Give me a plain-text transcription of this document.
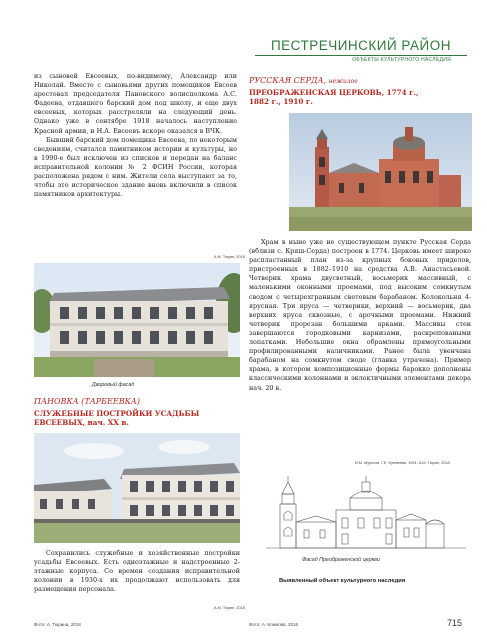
ПЕСТРЕЧИНСКИЙ РАЙОН
ОБЪЕКТЫ КУЛЬТУРНОГО НАСЛЕДИЯ

из сыновей Евсеевых, по-видимому, Александр или Николай. Вместе с сыновьями других помещиков Евсеев арестовал председателя Пановского волисполкома А.С. Фадеева, отдавшего барский дом под школу, и еще двух евсеевых, которых расстреляли на следующий день. Однако уже в сентябре 1918 началось наступление Красной армии, и Н.А. Евсеевъ вскоре оказался в ВЧК.

Бывший барский дом помещика Евсеевa, по некоторым сведениям, считался памятником истории и культуры, но в 1990-е был исключен из списков и передан на баланс исправительной колонии № 2 ФСИН России, которая расположена рядом с ним. Жители села выступают за то, чтобы это историческое здание вновь включили в список памятников архитектуры.

А.М. Тюрин, 2018
Дворовый фасад
ПАНОВКА (ТАРБЕЕВКА)
СЛУЖЕБНЫЕ ПОСТРОЙКИ УСАДЬБЫ
ЕВСЕЕВЫХ, нач. XX в.

Сохранились служебные и хозяйственные постройки усадьбы Евсеевых. Есть одноэтажные и надстроенные 2-этажные корпуса. Со времен создания исправительной колонии в 1930-х их продолжают использовать для размещения персонала.

А.М. Тюрин, 2018
РУССКАЯ СЕРДА, нежилое
ПРЕОБРАЖЕНСКАЯ ЦЕРКОВЬ, 1774 г.,
1882 г., 1910 г.

Храм в ныне уже не существующем пункте Русская Серда (вблизи с. Кряш-Серда) построен в 1774. Церковь имеет широко распластанный план из-за крупных боковых приделов, пристроенных в 1882–1910 на средства А.В. Анастасьевой. Четверик храма двусветный, восьмерик массивный, с маленькими оконными проемами, под высоким сомкнутым сводом с четырехгранным световым барабаном. Колокольня 4-ярусная. Три яруса — четверики, верхний — восьмерик, два верхних яруса сквозные, с арочными проемами. Нижний четверик прорезан большими арками. Массивы стен завершаются городковыми карнизами, раскреповаными лопатками. Небольшие окна обрамлены прямоугольными профилированными наличниками. Ранее была увенчана барабаном на сомкнутом своде (главка утрачена). Пример храма, в котором композиционные формы барокко дополнены классическими колоннами и эклектичными элементами декора нач. 20 в.

И.М. Муратов, Г.Е. Еремеева, 1991; А.М. Тюрин, 2018
Фасад Преображенской церкви
Выявленный объект культурного наследия
Фото: А. Тюрина, 2018	Фото: А. Климова, 2016	715
